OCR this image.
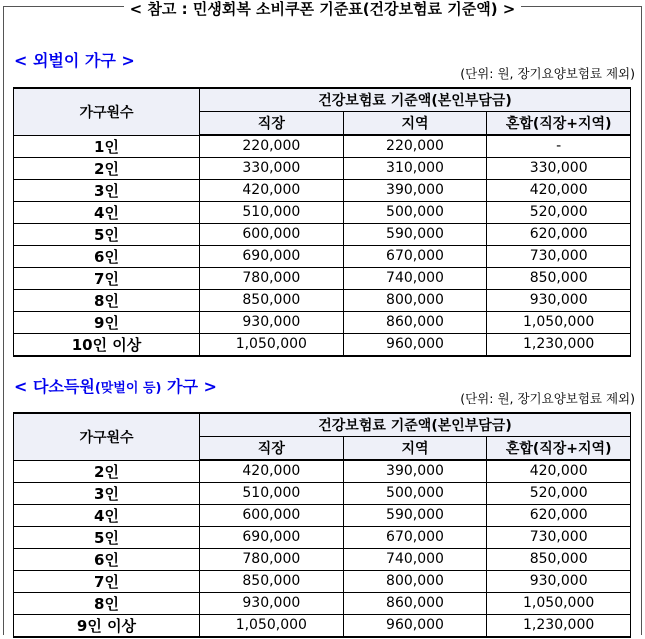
< 참고 : 민생회복 소비쿠폰 기준표(건강보험료 기준액) >
< 외벌이 가구 >
(단위: 원, 장기요양보험료 제외)
가구원수	건강보험료 기준액(본인부담금)		
	직장	지역	혼합(직장+지역)
1인	220,000	220,000	-
2인	330,000	310,000	330,000
3인	420,000	390,000	420,000
4인	510,000	500,000	520,000
5인	600,000	590,000	620,000
6인	690,000	670,000	730,000
7인	780,000	740,000	850,000
8인	850,000	800,000	930,000
9인	930,000	860,000	1,050,000
10인 이상	1,050,000	960,000	1,230,000
< 다소득원(맞벌이 등) 가구 >
(단위: 원, 장기요양보험료 제외)
가구원수	건강보험료 기준액(본인부담금)		
	직장	지역	혼합(직장+지역)
2인	420,000	390,000	420,000
3인	510,000	500,000	520,000
4인	600,000	590,000	620,000
5인	690,000	670,000	730,000
6인	780,000	740,000	850,000
7인	850,000	800,000	930,000
8인	930,000	860,000	1,050,000
9인 이상	1,050,000	960,000	1,230,000
